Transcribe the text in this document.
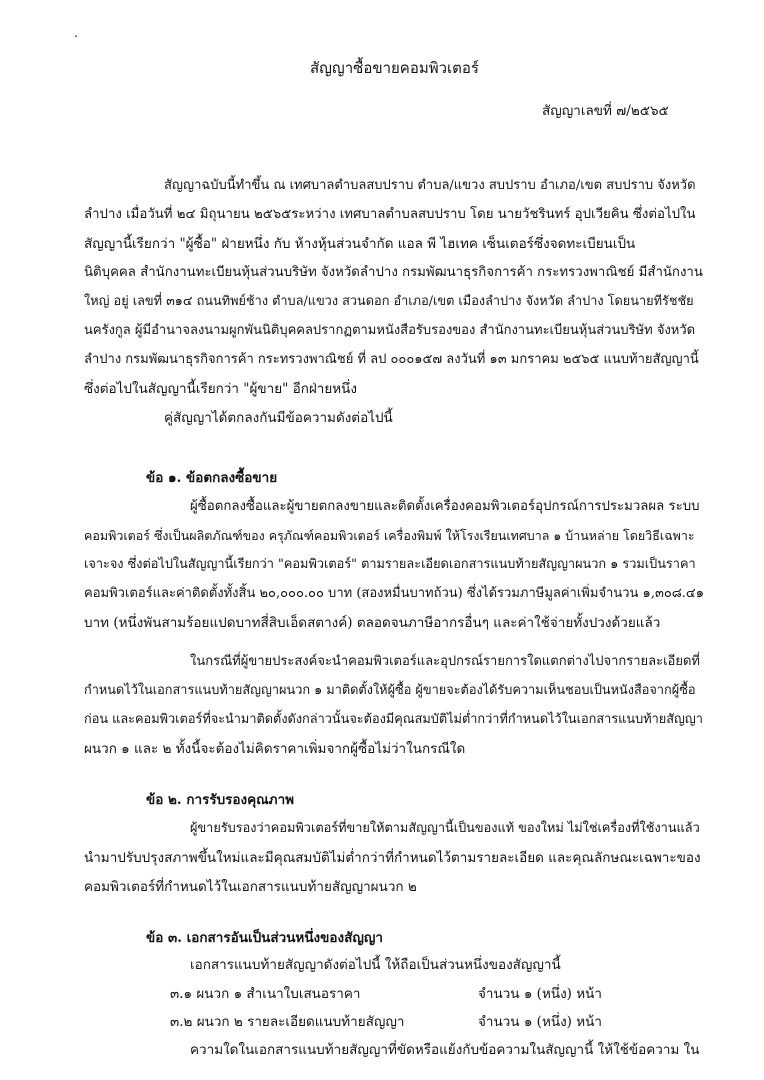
‧
สัญญาซื้อขายคอมพิวเตอร์
สัญญาเลขที่ ๗/๒๕๖๕
สัญญาฉบับนี้ทำขึ้น ณ เทศบาลตำบลสบปราบ ตำบล/แขวง สบปราบ อำเภอ/เขต สบปราบ จังหวัด
ลำปาง เมื่อวันที่ ๒๔ มิถุนายน ๒๕๖๕ระหว่าง เทศบาลตำบลสบปราบ โดย นายวัชรินทร์ อุปเวียคิน ซึ่งต่อไปใน
สัญญานี้เรียกว่า "ผู้ซื้อ" ฝ่ายหนึ่ง กับ ห้างหุ้นส่วนจำกัด แอล พี ไฮเทค เซ็นเตอร์ซึ่งจดทะเบียนเป็น
นิติบุคคล สำนักงานทะเบียนหุ้นส่วนบริษัท จังหวัดลำปาง กรมพัฒนาธุรกิจการค้า กระทรวงพาณิชย์ มีสำนักงาน
ใหญ่ อยู่ เลขที่ ๓๑๔ ถนนทิพย์ช้าง ตำบล/แขวง สวนดอก อำเภอ/เขต เมืองลำปาง จังหวัด ลำปาง โดยนายทีรัชชัย
นครังกูล ผู้มีอำนาจลงนามผูกพันนิติบุคคลปรากฏตามหนังสือรับรองของ สำนักงานทะเบียนหุ้นส่วนบริษัท จังหวัด
ลำปาง กรมพัฒนาธุรกิจการค้า กระทรวงพาณิชย์ ที่ ลป ๐๐๐๑๕๗ ลงวันที่ ๑๓ มกราคม ๒๕๖๕ แนบท้ายสัญญานี้
ซึ่งต่อไปในสัญญานี้เรียกว่า "ผู้ขาย" อีกฝ่ายหนึ่ง
คู่สัญญาได้ตกลงกันมีข้อความดังต่อไปนี้
ข้อ ๑. ข้อตกลงซื้อขาย
ผู้ซื้อตกลงซื้อและผู้ขายตกลงขายและติดตั้งเครื่องคอมพิวเตอร์อุปกรณ์การประมวลผล ระบบ
คอมพิวเตอร์ ซึ่งเป็นผลิตภัณฑ์ของ ครุภัณฑ์คอมพิวเตอร์ เครื่องพิมพ์ ให้โรงเรียนเทศบาล ๑ บ้านหล่าย โดยวิธีเฉพาะ
เจาะจง ซึ่งต่อไปในสัญญานี้เรียกว่า "คอมพิวเตอร์" ตามรายละเอียดเอกสารแนบท้ายสัญญาผนวก ๑ รวมเป็นราคา
คอมพิวเตอร์และค่าติดตั้งทั้งสิ้น ๒๐,๐๐๐.๐๐ บาท (สองหมื่นบาทถ้วน) ซึ่งได้รวมภาษีมูลค่าเพิ่มจำนวน ๑,๓๐๘.๔๑
บาท (หนึ่งพันสามร้อยแปดบาทสี่สิบเอ็ดสตางค์) ตลอดจนภาษีอากรอื่นๆ และค่าใช้จ่ายทั้งปวงด้วยแล้ว
ในกรณีที่ผู้ขายประสงค์จะนำคอมพิวเตอร์และอุปกรณ์รายการใดแตกต่างไปจากรายละเอียดที่
กำหนดไว้ในเอกสารแนบท้ายสัญญาผนวก ๑ มาติดตั้งให้ผู้ซื้อ ผู้ขายจะต้องได้รับความเห็นชอบเป็นหนังสือจากผู้ซื้อ
ก่อน และคอมพิวเตอร์ที่จะนำมาติดตั้งดังกล่าวนั้นจะต้องมีคุณสมบัติไม่ต่ำกว่าที่กำหนดไว้ในเอกสารแนบท้ายสัญญา
ผนวก ๑ และ ๒ ทั้งนี้จะต้องไม่คิดราคาเพิ่มจากผู้ซื้อไม่ว่าในกรณีใด
ข้อ ๒. การรับรองคุณภาพ
ผู้ขายรับรองว่าคอมพิวเตอร์ที่ขายให้ตามสัญญานี้เป็นของแท้ ของใหม่ ไม่ใช่เครื่องที่ใช้งานแล้ว
นำมาปรับปรุงสภาพขึ้นใหม่และมีคุณสมบัติไม่ต่ำกว่าที่กำหนดไว้ตามรายละเอียด และคุณลักษณะเฉพาะของ
คอมพิวเตอร์ที่กำหนดไว้ในเอกสารแนบท้ายสัญญาผนวก ๒
ข้อ ๓. เอกสารอันเป็นส่วนหนึ่งของสัญญา
เอกสารแนบท้ายสัญญาดังต่อไปนี้ ให้ถือเป็นส่วนหนึ่งของสัญญานี้
๓.๑ ผนวก ๑ สำเนาใบเสนอราคา	จำนวน ๑ (หนึ่ง) หน้า
๓.๒ ผนวก ๒ รายละเอียดแนบท้ายสัญญา	จำนวน ๑ (หนึ่ง) หน้า
ความใดในเอกสารแนบท้ายสัญญาที่ขัดหรือแย้งกับข้อความในสัญญานี้ ให้ใช้ข้อความ ใน
